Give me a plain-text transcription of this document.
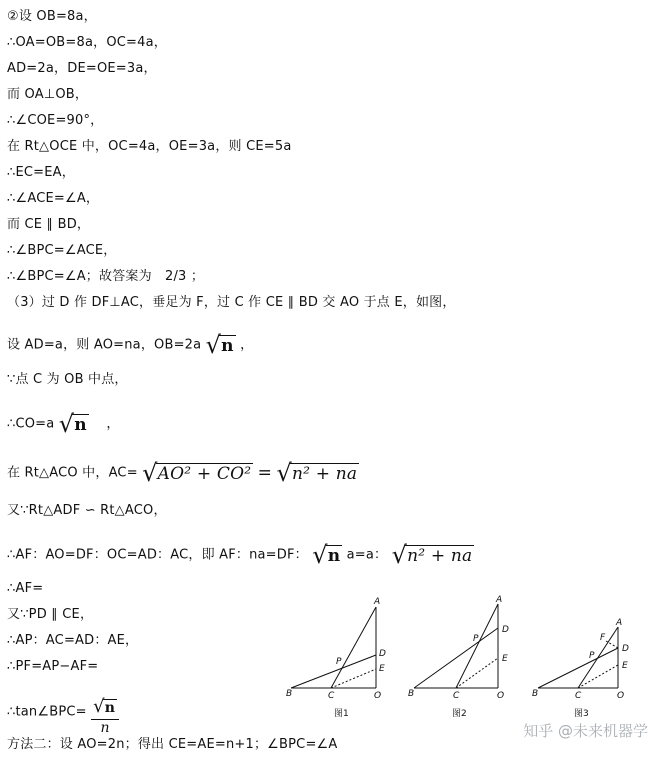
②设 OB=8a，
∴OA=OB=8a，OC=4a，
AD=2a，DE=OE=3a，
而 OA⊥OB，
∴∠COE=90°，
在 Rt△OCE 中，OC=4a，OE=3a，则 CE=5a
∴EC=EA，
∴∠ACE=∠A，
而 CE ∥ BD，
∴∠BPC=∠ACE，
∴∠BPC=∠A；故答案为　2/3 ；
（3）过 D 作 DF⊥AC，垂足为 F，过 C 作 CE ∥ BD 交 AO 于点 E，如图，
设 AD=a，则 AO=na，OB=2a √n ，
∵点 C 为 OB 中点，
∴CO=a √n 　，
在 Rt△ACO 中，AC= √AO² + CO² = √n² + na
又∵Rt△ADF ∽ Rt△ACO，
∴AF：AO=DF：OC=AD：AC，即 AF：na=DF： √n a=a： √n² + na
∴AF=
又∵PD ∥ CE，
∴AP：AC=AD：AE，
∴PF=AP−AF=
∴tan∠BPC= $\frac{√n}{n}$
方法二：设 AO=2n；得出 CE=AE=n+1；∠BPC=∠A
A
D
P
E
B	C	O
图1
A
D
P
E
B	C	O
图2
A
F
D
P
E
B	C	O
图3
知乎 @未来机器学
